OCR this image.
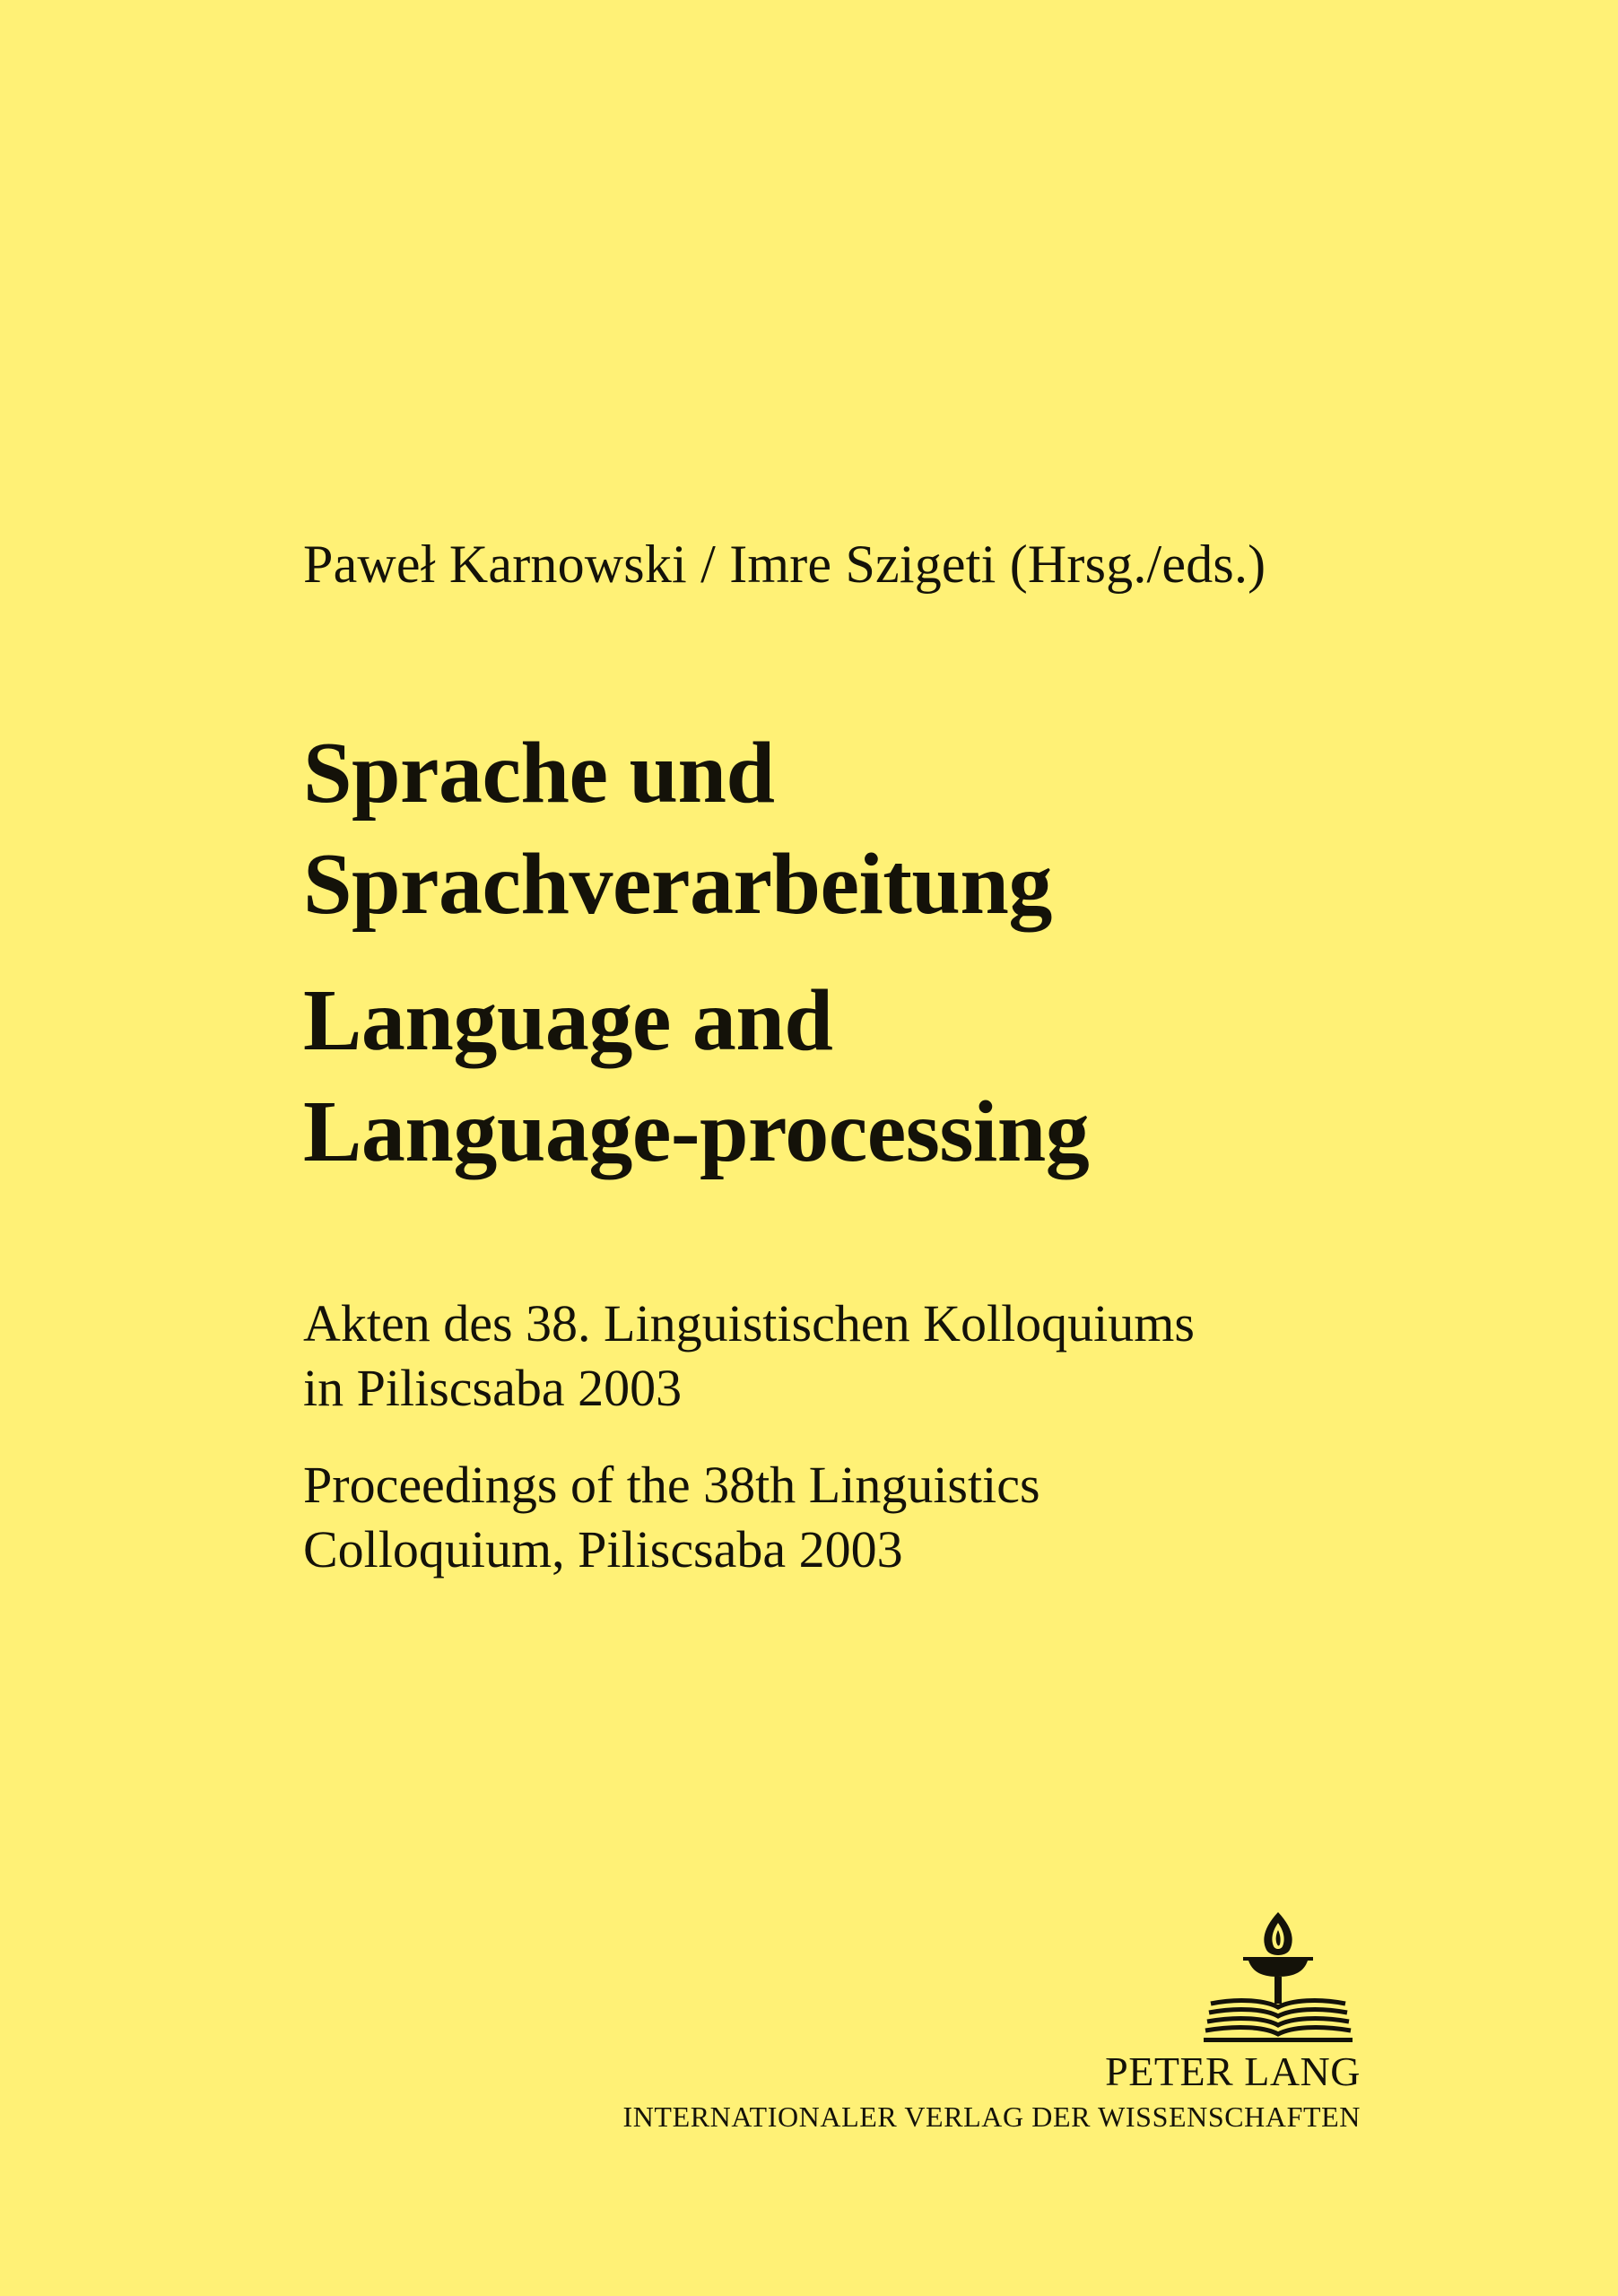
Paweł Karnowski / Imre Szigeti (Hrsg./eds.)
Sprache und
Sprachverarbeitung
Language and
Language-processing
Akten des 38. Linguistischen Kolloquiums
in Piliscsaba 2003
Proceedings of the 38th Linguistics
Colloquium, Piliscsaba 2003
PETER LANG
INTERNATIONALER VERLAG DER WISSENSCHAFTEN
